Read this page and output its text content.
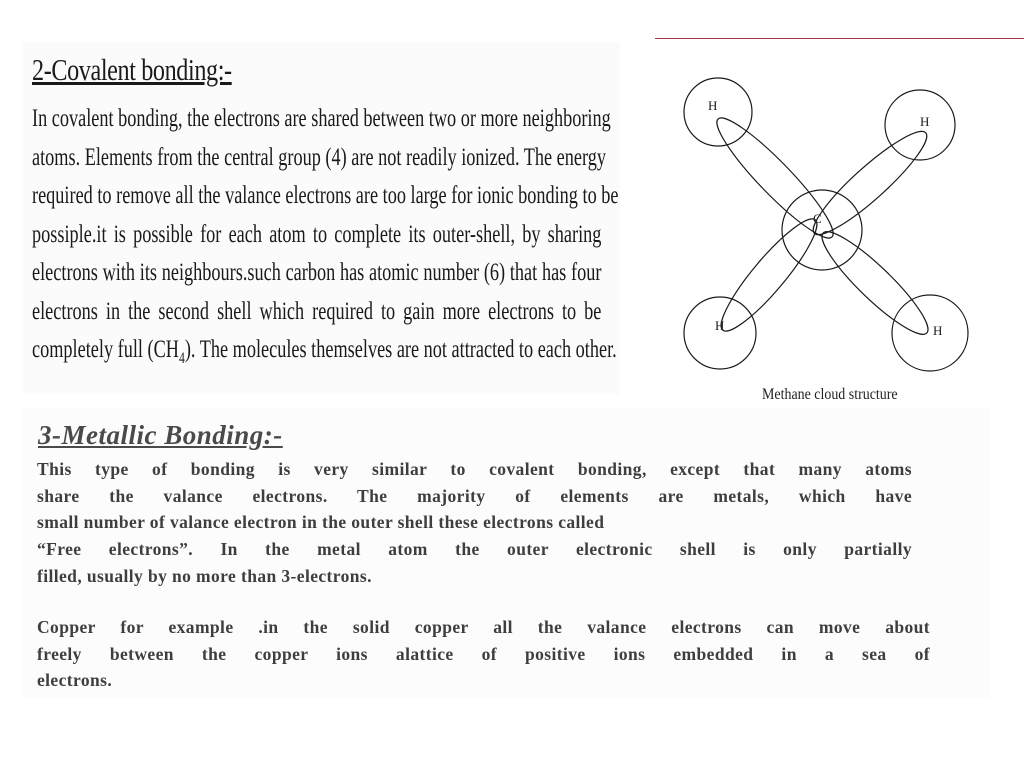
2-Covalent bonding:-
In covalent bonding, the electrons are shared between two or more neighboring
atoms. Elements from the central group (4) are not readily ionized. The energy
required to remove all the valance electrons are too large for ionic bonding to be
possiple.it is possible for each atom to complete its outer-shell, by sharing
electrons with its neighbours.such carbon has atomic number (6) that has four
electrons in the second shell which required to gain more electrons to be
completely full $(CH_4)$. The molecules themselves are not attracted to each other.
C
H
H
H	H
Methane cloud structure
3-Metallic Bonding:-
This type of bonding is very similar to covalent bonding, except that many atoms
share the valance electrons. The majority of elements are metals, which have
small number of valance electron in the outer shell these electrons called
“Free electrons”. In the metal atom the outer electronic shell is only partially
filled, usually by no more than 3-electrons.
Copper for example .in the solid copper all the valance electrons can move about
freely between the copper ions alattice of positive ions embedded in a sea of
electrons.
